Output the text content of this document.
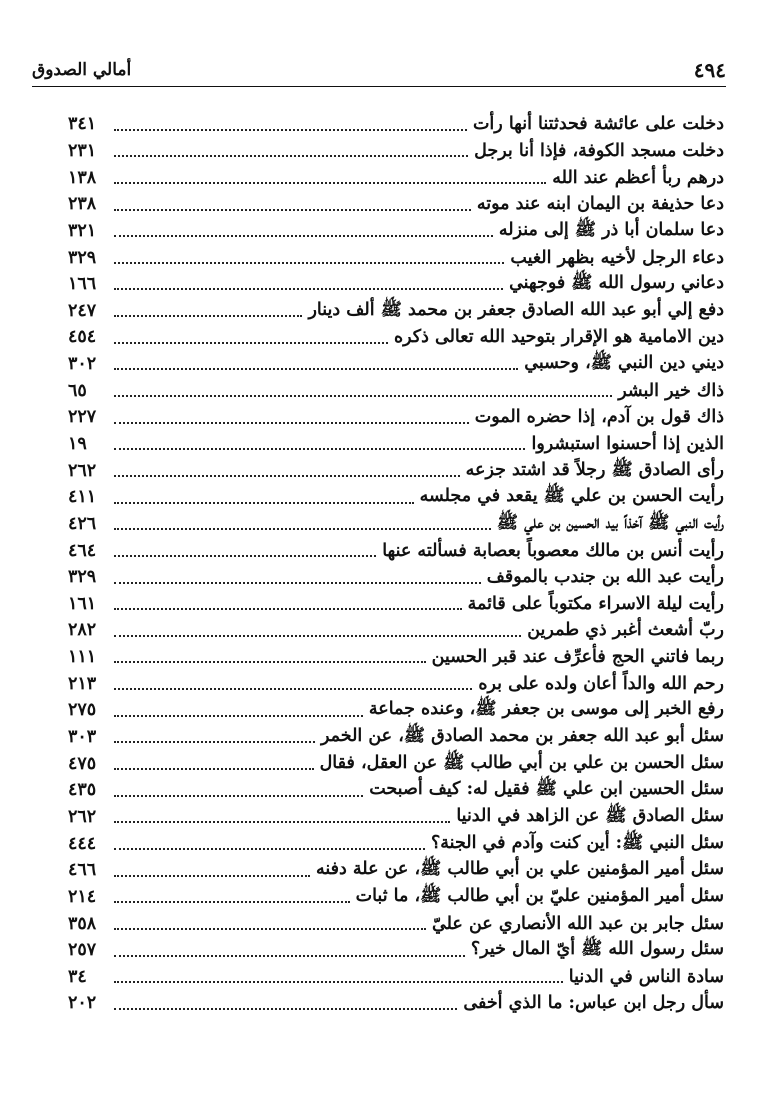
أمالي الصدوق	٤٩٤
دخلت على عائشة فحدثتنا أنها رأت
٣٤١
دخلت مسجد الكوفة، فإذا أنا برجل
٢٣١
درهم ربأ أعظم عند الله
١٣٨
دعا حذيفة بن اليمان ابنه عند موته
٢٣٨
دعا سلمان أبا ذر ﷺ إلى منزله
٣٢١
دعاء الرجل لأخيه بظهر الغيب
٣٢٩
دعاني رسول الله ﷺ فوجهني
١٦٦
دفع إلي أبو عبد الله الصادق جعفر بن محمد ﷺ ألف دينار
٢٤٧
دين الامامية هو الإقرار بتوحيد الله تعالى ذكره
٤٥٤
ديني دين النبي ﷺ، وحسبي
٣٠٢
ذاك خير البشر
٦٥
ذاك قول بن آدم، إذا حضره الموت
٢٢٧
الذين إذا أحسنوا استبشروا
١٩
رأى الصادق ﷺ رجلاً قد اشتد جزعه
٢٦٢
رأيت الحسن بن علي ﷺ يقعد في مجلسه
٤١١
رأيت النبي ﷺ آخذاً بيد الحسين بن علي ﷺ
٤٢٦
رأيت أنس بن مالك معصوباً بعصابة فسألته عنها
٤٦٤
رأيت عبد الله بن جندب بالموقف
٣٢٩
رأيت ليلة الاسراء مكتوباً على قائمة
١٦١
ربّ أشعث أغبر ذي طمرين
٢٨٢
ربما فاتني الحج فأعرِّف عند قبر الحسين
١١١
رحم الله والداً أعان ولده على بره
٢١٣
رفع الخبر إلى موسى بن جعفر ﷺ، وعنده جماعة
٢٧٥
سئل أبو عبد الله جعفر بن محمد الصادق ﷺ، عن الخمر
٣٠٣
سئل الحسن بن علي بن أبي طالب ﷺ عن العقل، فقال
٤٧٥
سئل الحسين ابن علي ﷺ فقيل له: كيف أصبحت
٤٣٥
سئل الصادق ﷺ عن الزاهد في الدنيا
٢٦٢
سئل النبي ﷺ: أين كنت وآدم في الجنة؟
٤٤٤
سئل أمير المؤمنين علي بن أبي طالب ﷺ، عن علة دفنه
٤٦٦
سئل أمير المؤمنين عليّ بن أبي طالب ﷺ، ما ثبات
٢١٤
سئل جابر بن عبد الله الأنصاري عن عليّ
٣٥٨
سئل رسول الله ﷺ أيّ المال خير؟
٢٥٧
سادة الناس في الدنيا
٣٤
سأل رجل ابن عباس: ما الذي أخفى
٢٠٢
